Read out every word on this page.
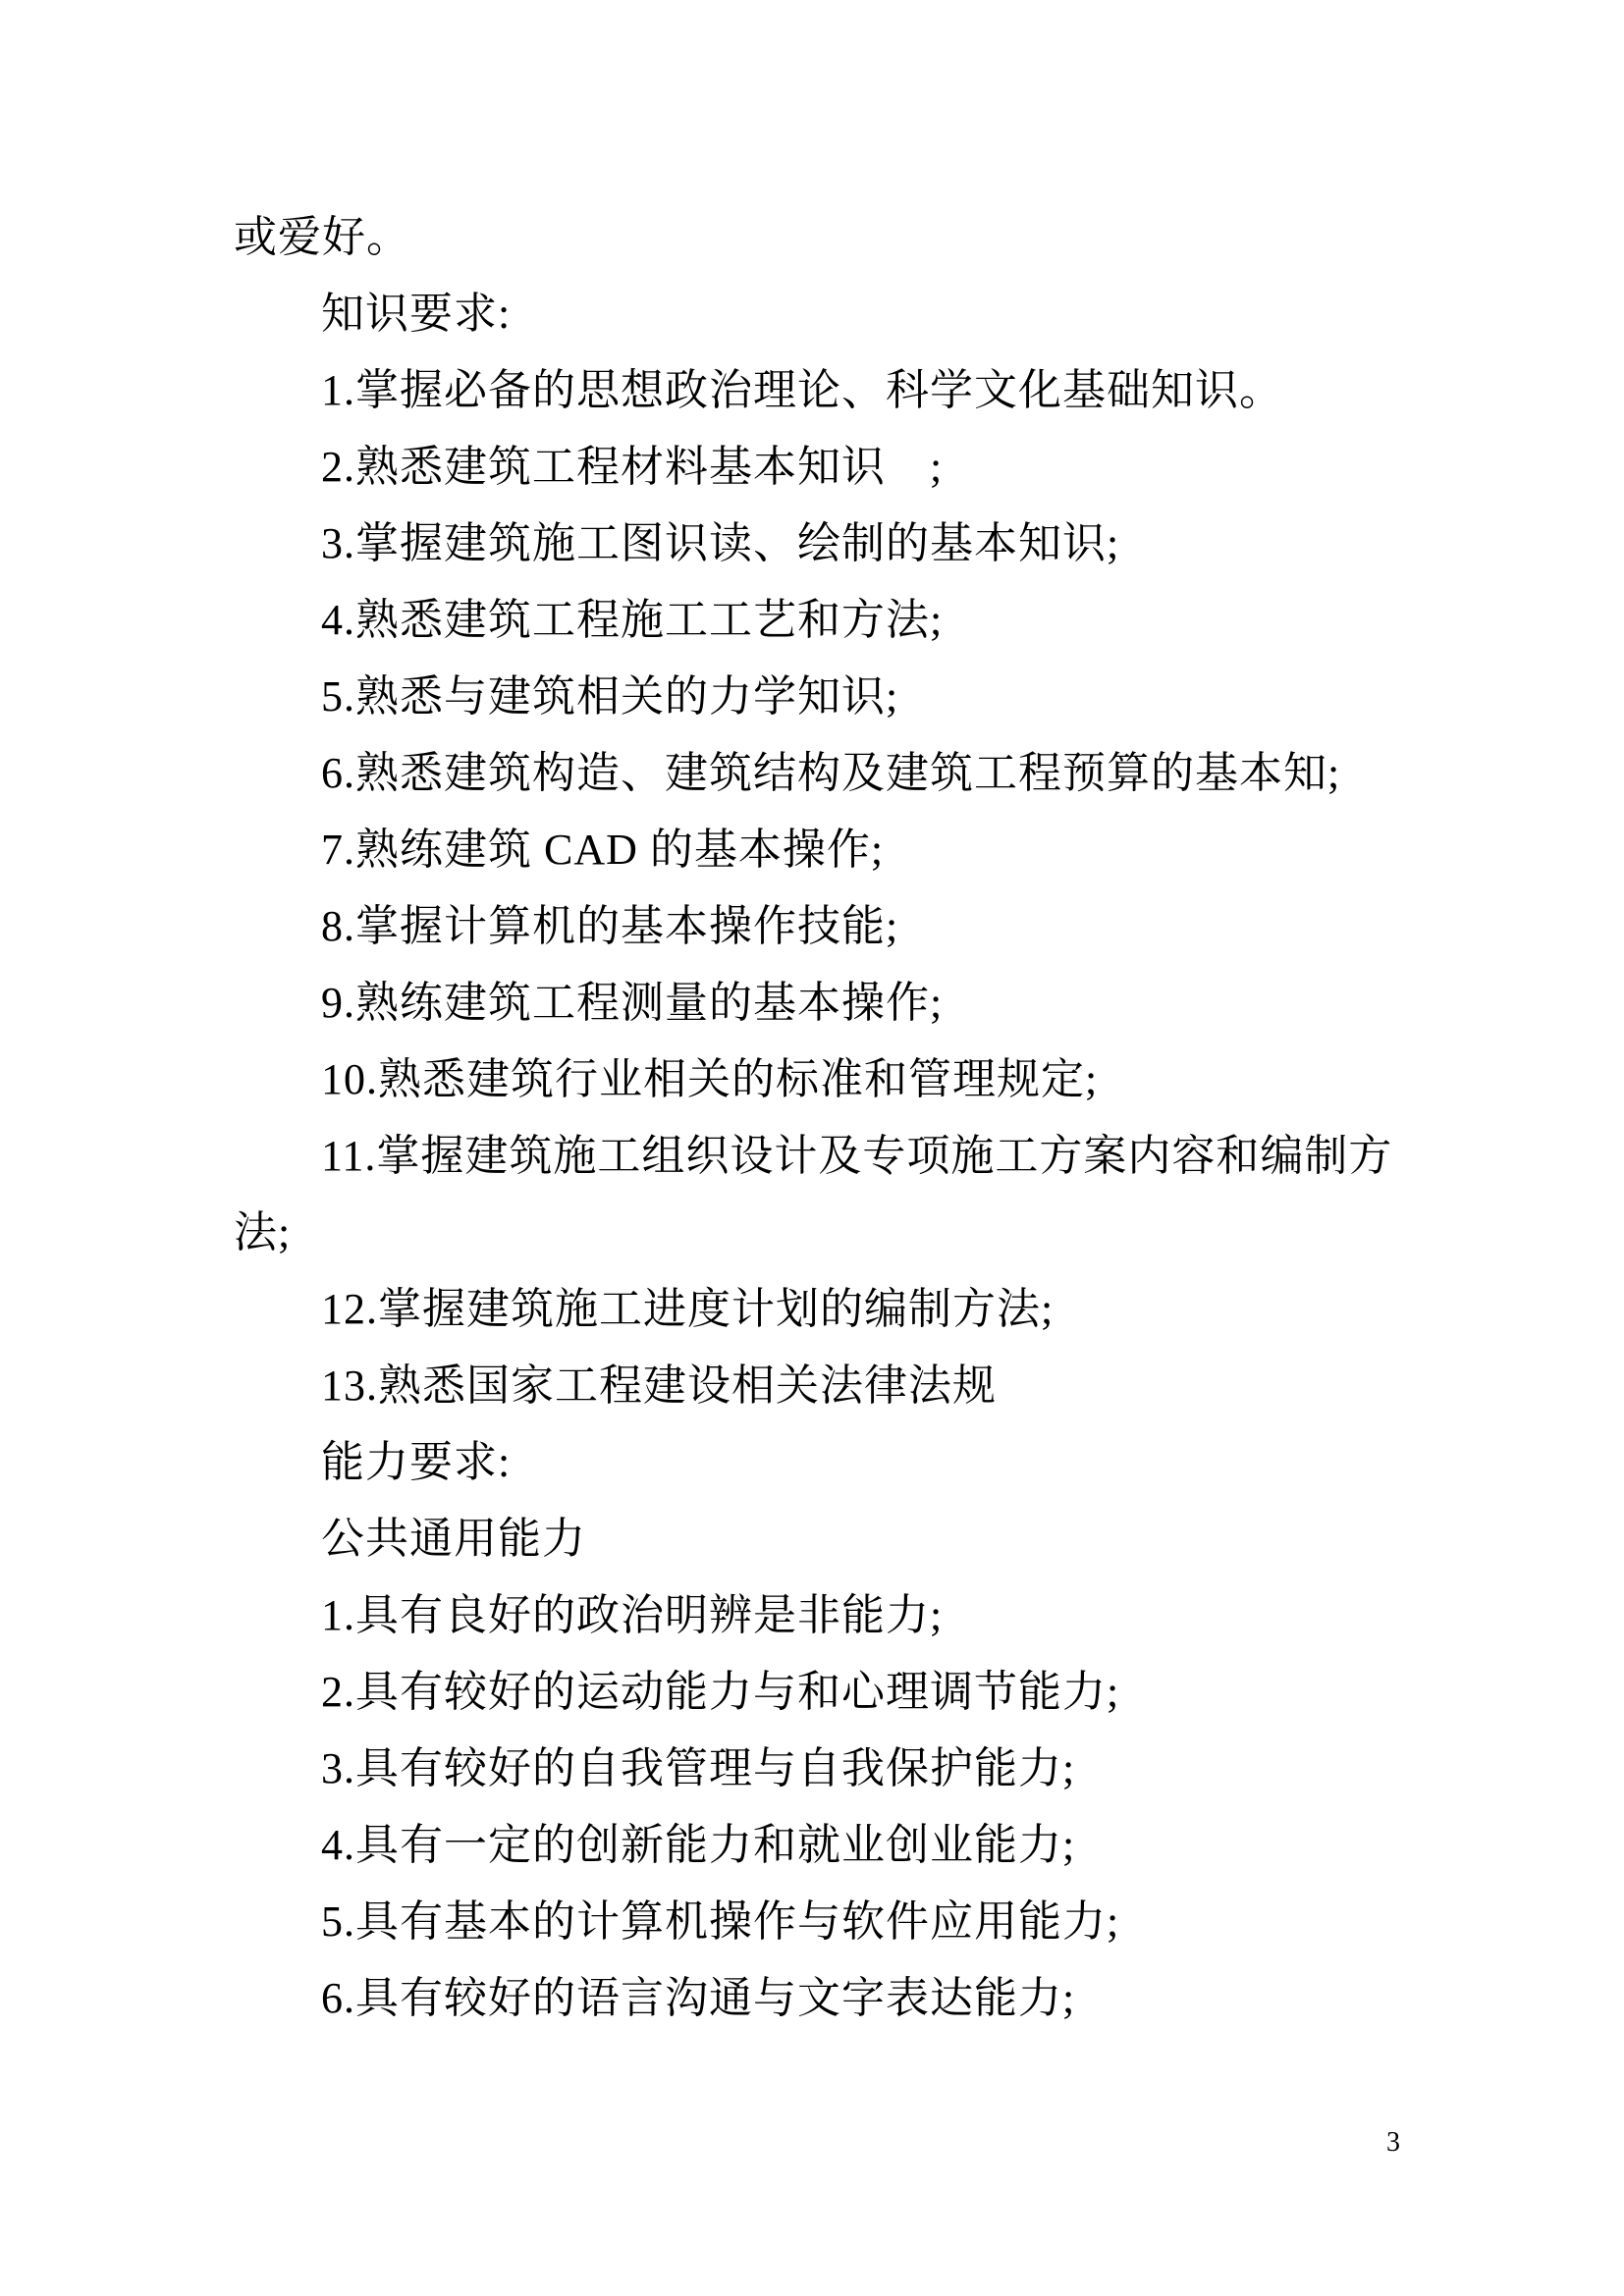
或爱好。
知识要求:
1.掌握必备的思想政治理论、科学文化基础知识。
2.熟悉建筑工程材料基本知识　;
3.掌握建筑施工图识读、绘制的基本知识;
4.熟悉建筑工程施工工艺和方法;
5.熟悉与建筑相关的力学知识;
6.熟悉建筑构造、建筑结构及建筑工程预算的基本知;
7.熟练建筑 CAD 的基本操作;
8.掌握计算机的基本操作技能;
9.熟练建筑工程测量的基本操作;
10.熟悉建筑行业相关的标准和管理规定;
11.掌握建筑施工组织设计及专项施工方案内容和编制方
法;
12.掌握建筑施工进度计划的编制方法;
13.熟悉国家工程建设相关法律法规
能力要求:
公共通用能力
1.具有良好的政治明辨是非能力;
2.具有较好的运动能力与和心理调节能力;
3.具有较好的自我管理与自我保护能力;
4.具有一定的创新能力和就业创业能力;
5.具有基本的计算机操作与软件应用能力;
6.具有较好的语言沟通与文字表达能力;
3
